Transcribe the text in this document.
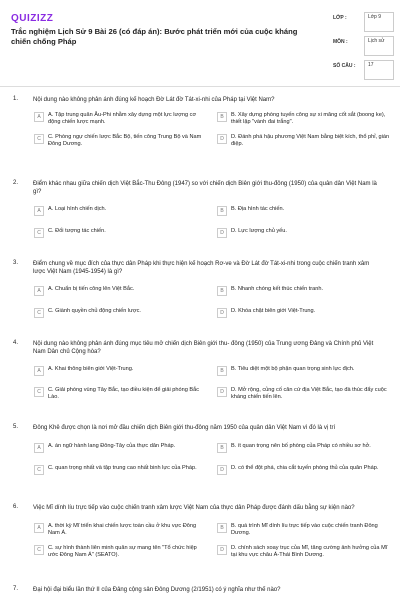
QUIZIZZ
Trắc nghiệm Lịch Sử 9 Bài 26 (có đáp án): Bước phát triển mới của cuộc kháng chiến chống Pháp
LỚP :	Lớp 9
MÔN :	Lịch sử
SỐ CÂU :	17
1. Nội dung nào không phản ánh đúng kế hoạch Đờ Lát đờ Tát-xi-nhi của Pháp tại Việt Nam?
A	A. Tập trung quân Âu-Phi nhằm xây dựng một lực lượng cơ động chiến lược mạnh.
B	B. Xây dựng phòng tuyến công sự xi măng cốt sắt (boong ke), thiết lập "vành đai trắng".
C	C. Phòng ngự chiến lược Bắc Bộ, tiến công Trung Bộ và Nam Đông Dương.
D	D. Đánh phá hậu phương Việt Nam bằng biệt kích, thổ phỉ, gián điệp.
2. Điểm khác nhau giữa chiến dịch Việt Bắc-Thu Đông (1947) so với chiến dịch Biên giới thu-đông (1950) của quân dân Việt Nam là gì?
A	A. Loại hình chiến dịch.	B	B. Địa hình tác chiến.
C	C. Đối tượng tác chiến.	D	D. Lực lượng chủ yếu.
3. Điểm chung về mục đích của thực dân Pháp khi thực hiện kế hoạch Rơ-ve và Đờ Lát đờ Tát-xi-nhi trong cuộc chiến tranh xâm lược Việt Nam (1945-1954) là gì?
A	A. Chuẩn bị tiến công lên Việt Bắc.	B	B. Nhanh chóng kết thúc chiến tranh.
C	C. Giành quyền chủ động chiến lược.	D	D. Khóa chặt biên giới Việt-Trung.
4. Nội dung nào không phản ánh đúng mục tiêu mở chiến dịch Biên giới thu- đông (1950) của Trung ương Đảng và Chính phủ Việt Nam Dân chủ Cộng hòa?
A	A. Khai thông biên giới Việt-Trung.	B	B. Tiêu diệt một bộ phận quan trọng sinh lực địch.
C	C. Giải phóng vùng Tây Bắc, tạo điều kiện để giải phóng Bắc Lào.
D	D. Mở rộng, củng cố căn cứ địa Việt Bắc, tạo đà thúc đẩy cuộc kháng chiến tiến lên.
5. Đông Khê được chọn là nơi mở đầu chiến dịch Biên giới thu-đông năm 1950 của quân dân Việt Nam vì đó là vị trí
A	A. án ngữ hành lang Đông-Tây của thực dân Pháp.	B	B. ít quan trọng nên bố phòng của Pháp có nhiều sơ hở.
C	C. quan trọng nhất và tập trung cao nhất binh lực của Pháp.	D	D. có thể đột phá, chia cắt tuyến phòng thủ của quân Pháp.
6. Việc Mĩ dính líu trực tiếp vào cuộc chiến tranh xâm lược Việt Nam của thực dân Pháp được đánh dấu bằng sự kiện nào?
A	A. thời kỳ Mĩ triển khai chiến lược toàn cầu ở khu vực Đông Nam Á.
B	B. quá trình Mĩ dính líu trực tiếp vào cuộc chiến tranh Đông Dương.
C	C. sự hình thành liên minh quân sự mang tên "Tổ chức hiệp ước Đông Nam Á" (SEATO).
D	D. chính sách xoay trục của Mĩ, tăng cường ảnh hưởng của Mĩ tại khu vực châu Á-Thái Bình Dương.
7. Đại hội đại biểu lần thứ II của Đảng cộng sản Đông Dương (2/1951) có ý nghĩa như thế nào?
